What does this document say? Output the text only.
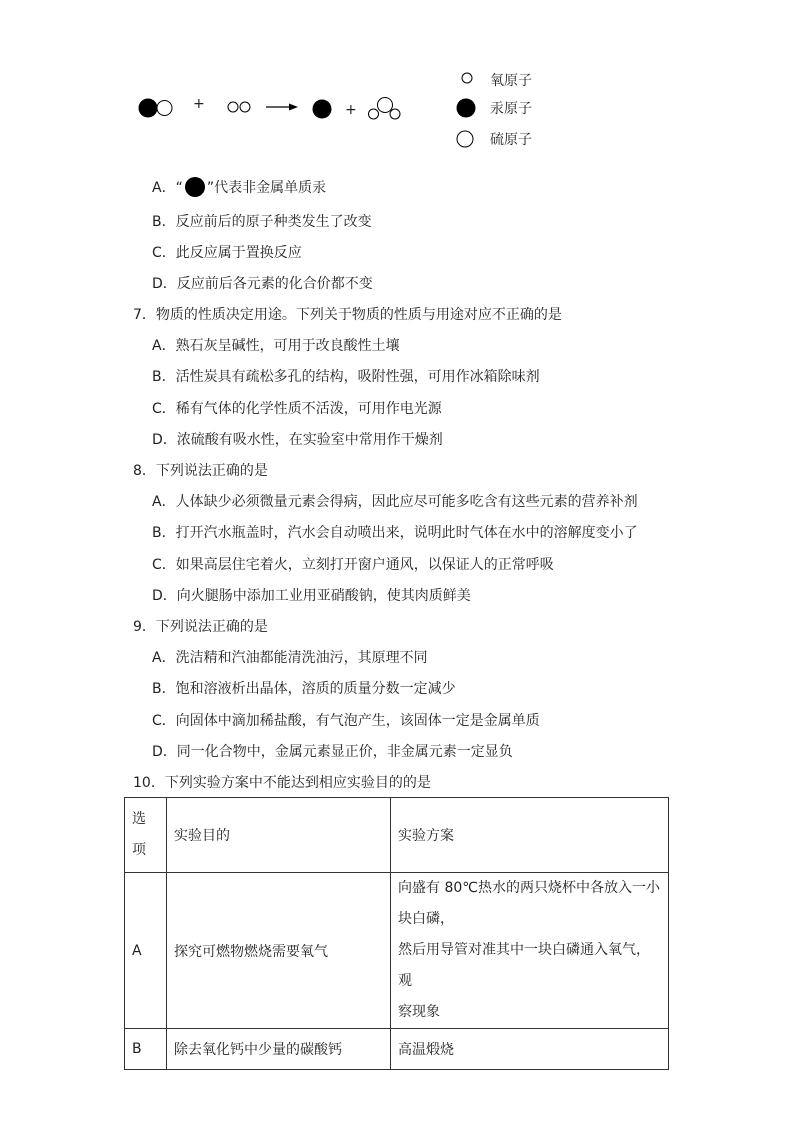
+	+
氧原子
汞原子
硫原子
A．“ ”代表非金属单质汞
B．反应前后的原子种类发生了改变
C．此反应属于置换反应
D．反应前后各元素的化合价都不变
7．物质的性质决定用途。下列关于物质的性质与用途对应不正确的是
A．熟石灰呈碱性，可用于改良酸性土壤
B．活性炭具有疏松多孔的结构，吸附性强，可用作冰箱除味剂
C．稀有气体的化学性质不活泼，可用作电光源
D．浓硫酸有吸水性，在实验室中常用作干燥剂
8．下列说法正确的是
A．人体缺少必须微量元素会得病，因此应尽可能多吃含有这些元素的营养补剂
B．打开汽水瓶盖时，汽水会自动喷出来，说明此时气体在水中的溶解度变小了
C．如果高层住宅着火，立刻打开窗户通风，以保证人的正常呼吸
D．向火腿肠中添加工业用亚硝酸钠，使其肉质鲜美
9．下列说法正确的是
A．洗洁精和汽油都能清洗油污，其原理不同
B．饱和溶液析出晶体，溶质的质量分数一定减少
C．向固体中滴加稀盐酸，有气泡产生，该固体一定是金属单质
D．同一化合物中，金属元素显正价，非金属元素一定显负
10．下列实验方案中不能达到相应实验目的的是
选
项	实验目的	实验方案
A	探究可燃物燃烧需要氧气	向盛有 80℃热水的两只烧杯中各放入一小
块白磷，
然后用导管对准其中一块白磷通入氧气，观
察现象

B	除去氧化钙中少量的碳酸钙	高温煅烧
